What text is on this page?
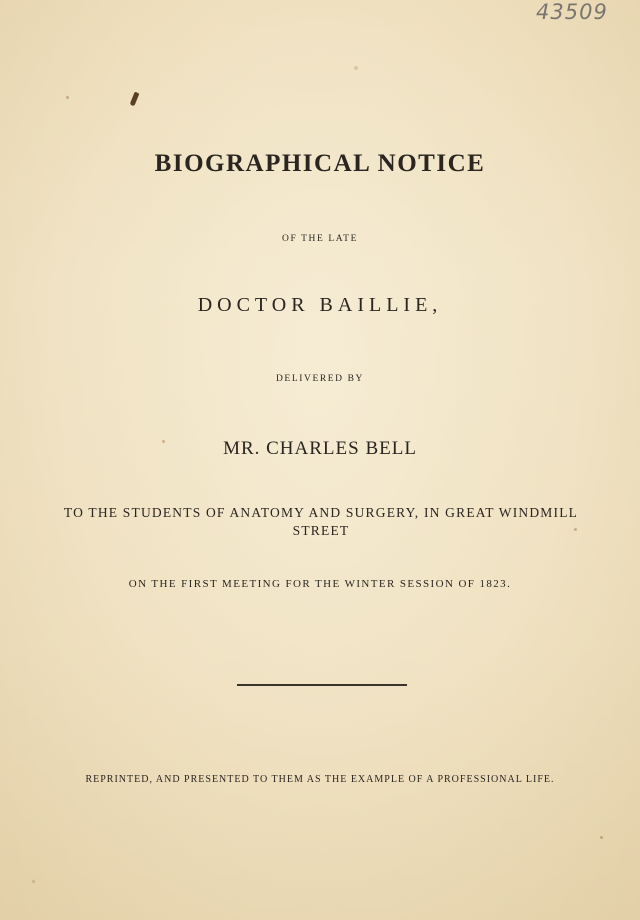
43509
BIOGRAPHICAL NOTICE
OF THE LATE
DOCTOR BAILLIE,
DELIVERED BY
MR. CHARLES BELL
TO THE STUDENTS OF ANATOMY AND SURGERY, IN GREAT WINDMILL STREET
ON THE FIRST MEETING FOR THE WINTER SESSION OF 1823.
REPRINTED, AND PRESENTED TO THEM AS THE EXAMPLE OF A PROFESSIONAL LIFE.
